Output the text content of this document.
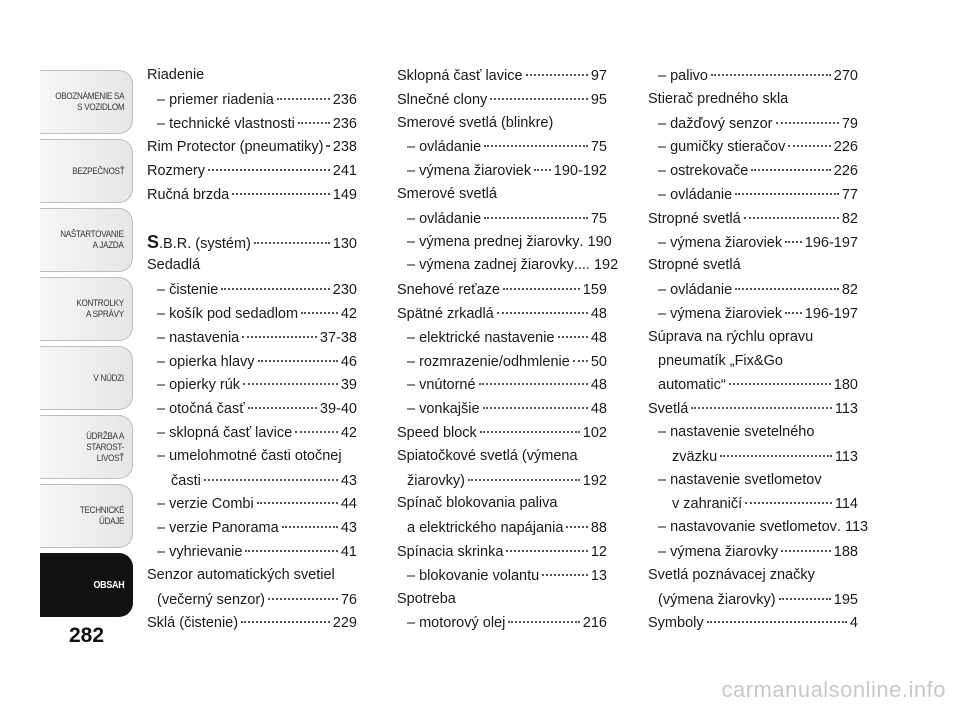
OBOZNÁMENIE SA
S VOZIDLOM
BEZPEČNOSŤ
NAŠTARTOVANIE
A JAZDA
KONTROLKY
A SPRÁVY
V NÚDZI
ÚDRŽBA A STAROST-
LIVOSŤ
TECHNICKÉ
ÚDAJE
OBSAH
282
Riadenie
– priemer riadenia	236
– technické vlastnosti	236
Rim Protector (pneumatiky) 238
Rozmery	241
Ručná brzda	149
S.B.R. (systém)	130
Sedadlá
– čistenie	230
– košík pod sedadlom	42
– nastavenia	37-38
– opierka hlavy	46
– opierky rúk	39
– otočná časť	39-40
– sklopná časť lavice	42
– umelohmotné časti otočnej
časti	43
– verzie Combi	44
– verzie Panorama	43
– vyhrievanie	41
Senzor automatických svetiel
(večerný senzor)	76
Sklá (čistenie)	229
Sklopná časť lavice	97
Slnečné clony	95
Smerové svetlá (blinkre)
– ovládanie	75
– výmena žiaroviek 190-192
Smerové svetlá
– ovládanie	75
– výmena prednej žiarovky . 190
– výmena zadnej žiarovky .... 192
Snehové reťaze	159
Spätné zrkadlá	48
– elektrické nastavenie	48
– rozmrazenie/odhmlenie 50
– vnútorné	48
– vonkajšie	48
Speed block	102
Spiatočkové svetlá (výmena
žiarovky)	192
Spínač blokovania paliva
a elektrického napájania 88
Spínacia skrinka	12
– blokovanie volantu	13
Spotreba
– motorový olej	216
– palivo	270
Stierač predného skla
– dažďový senzor	79
– gumičky stieračov	226
– ostrekovače	226
– ovládanie	77
Stropné svetlá	82
– výmena žiaroviek 196-197
Stropné svetlá
– ovládanie	82
– výmena žiaroviek 196-197
Súprava na rýchlu opravu
pneumatík „Fix&Go
automatic“	180
Svetlá	113
– nastavenie svetelného
zväzku	113
– nastavenie svetlometov
v zahraničí	114
– nastavovanie svetlometov . 113
– výmena žiarovky	188
Svetlá poznávacej značky
(výmena žiarovky)	195
Symboly	4
carmanualsonline.info
